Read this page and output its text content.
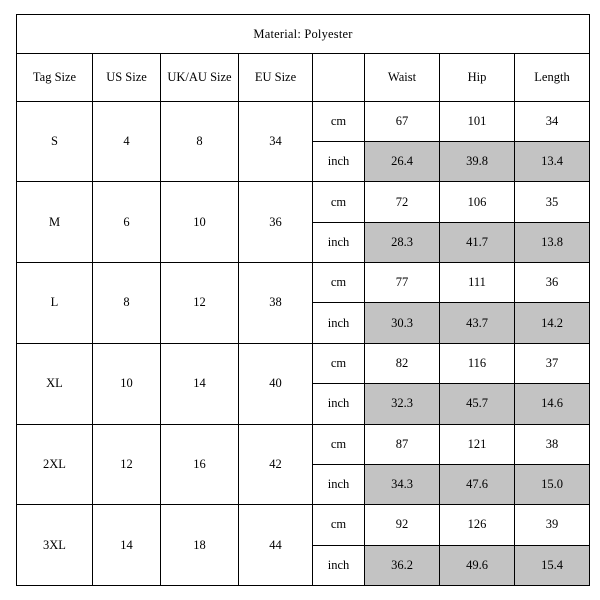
Material: Polyester							
Tag Size	US Size	UK/AU Size	EU Size		Waist	Hip	Length
S	4	8	34	cm	67	101	34
				inch	26.4	39.8	13.4
M	6	10	36	cm	72	106	35
				inch	28.3	41.7	13.8
L	8	12	38	cm	77	111	36
				inch	30.3	43.7	14.2
XL	10	14	40	cm	82	116	37
				inch	32.3	45.7	14.6
2XL	12	16	42	cm	87	121	38
				inch	34.3	47.6	15.0
3XL	14	18	44	cm	92	126	39
				inch	36.2	49.6	15.4
